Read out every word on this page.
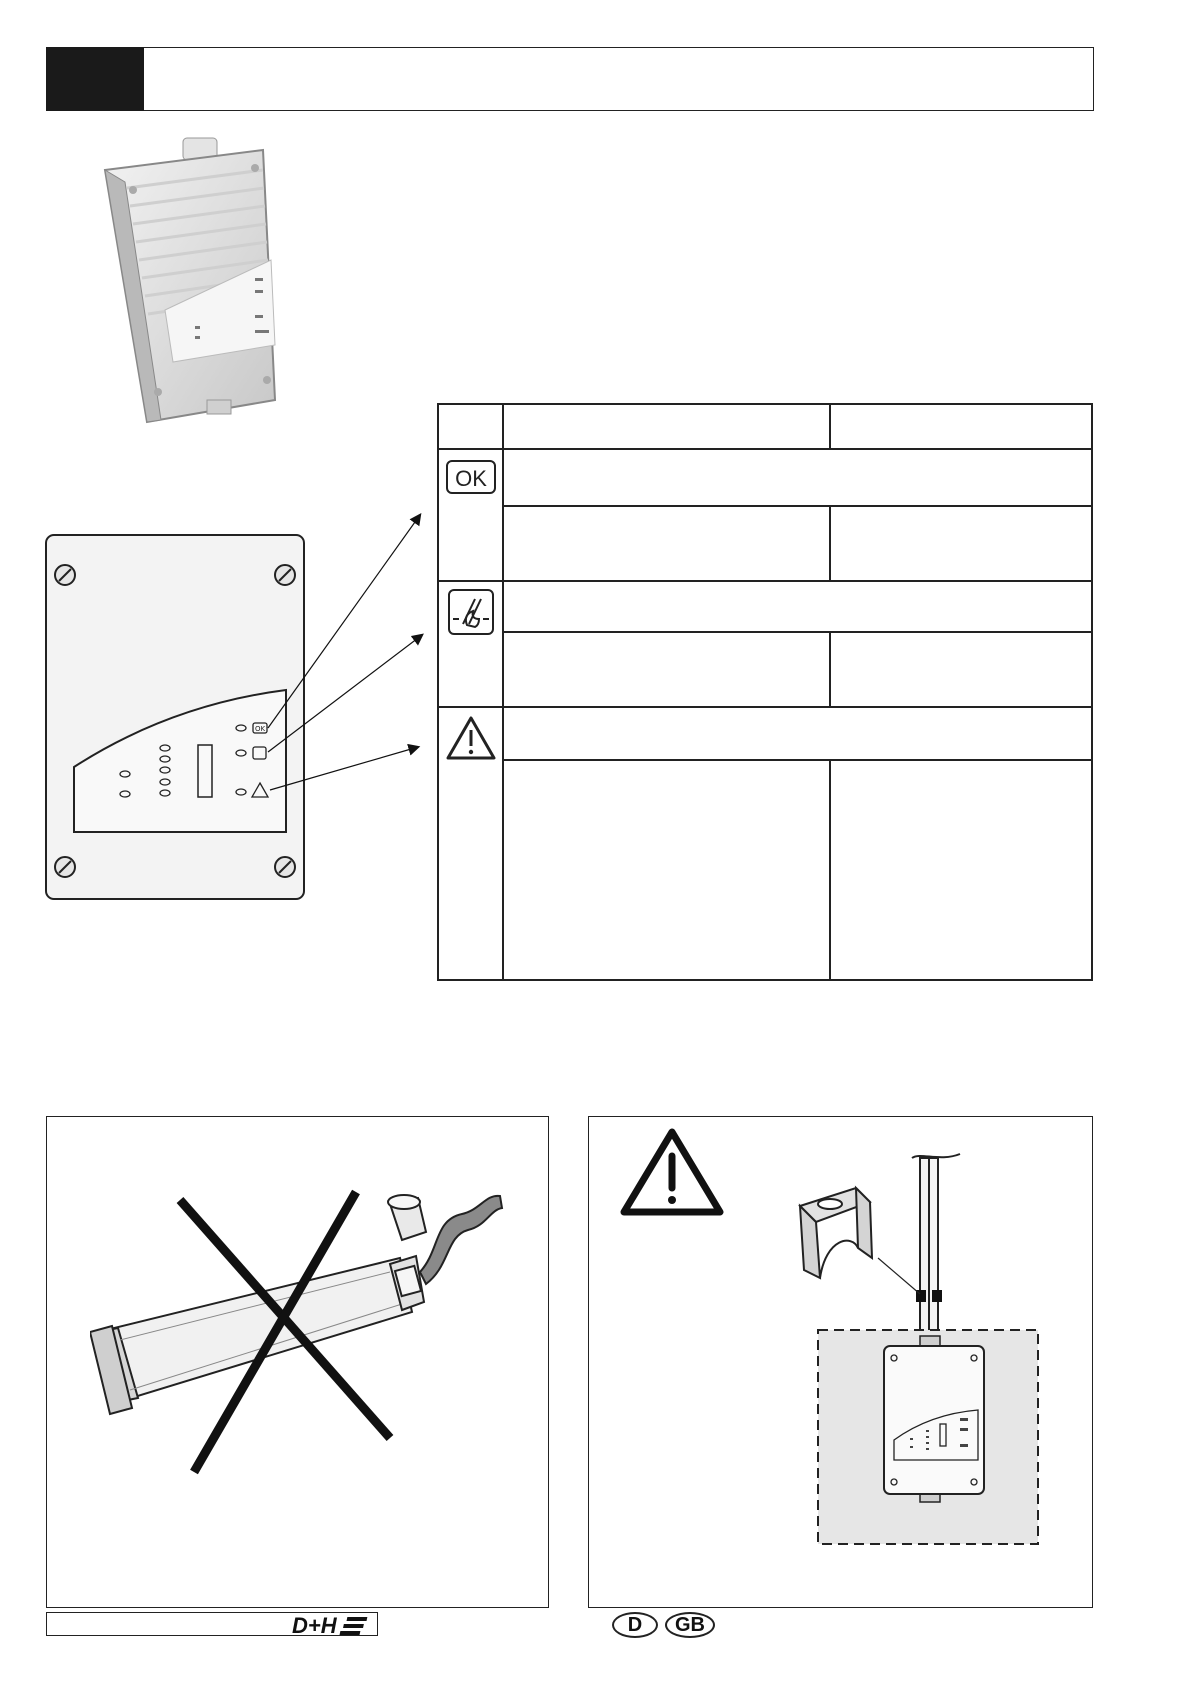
OK
OK
D+H	D	GB
